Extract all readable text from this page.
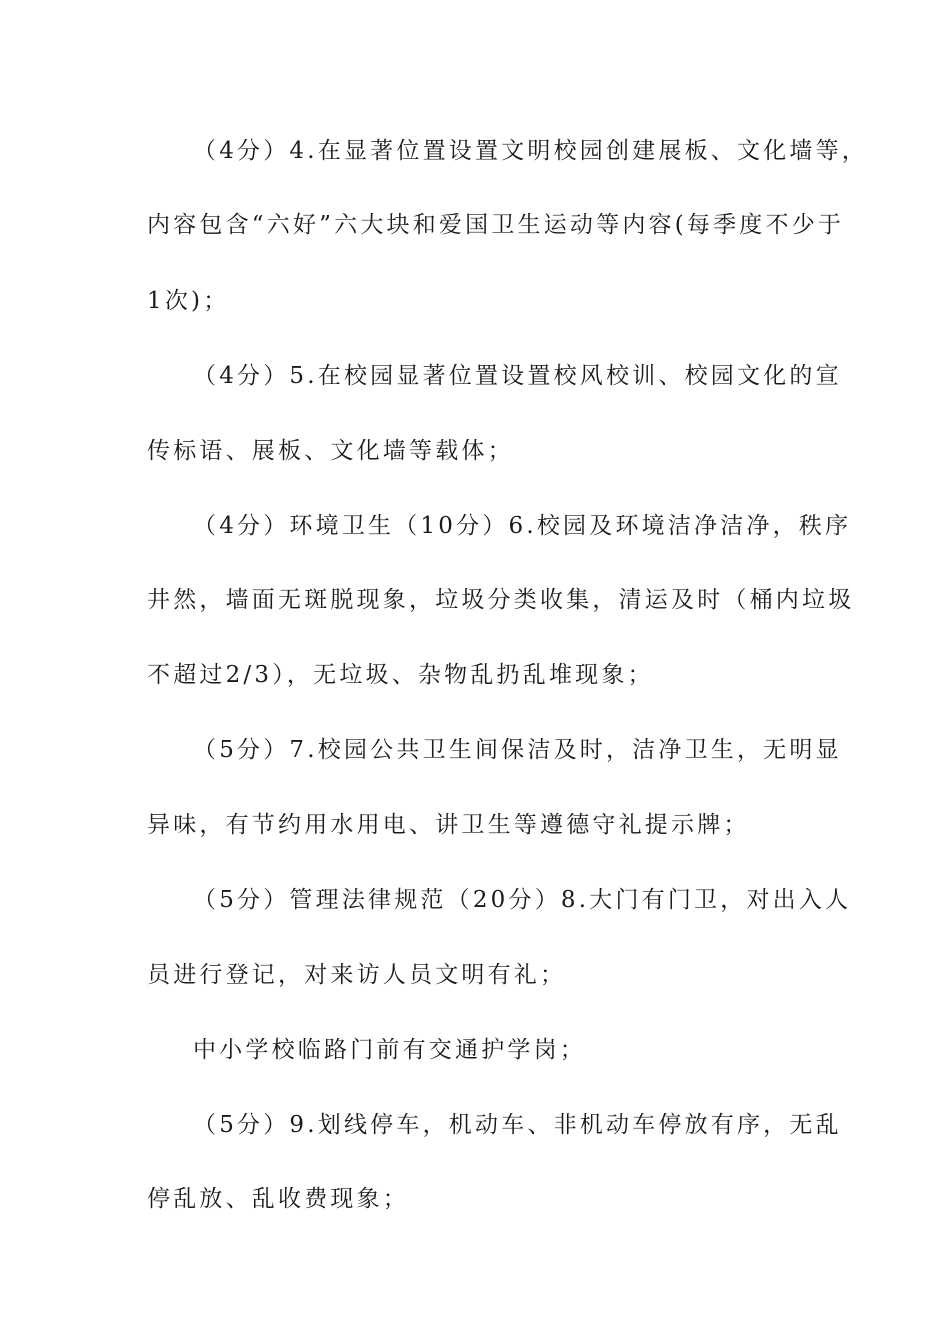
（4分）4.在显著位置设置文明校园创建展板、文化墙等，
内容包含“六好”六大块和爱国卫生运动等内容(每季度不少于
1次)；
（4分）5.在校园显著位置设置校风校训、校园文化的宣
传标语、展板、文化墙等载体；
（4分）环境卫生（10分）6.校园及环境洁净洁净，秩序
井然，墙面无斑脱现象，垃圾分类收集，清运及时（桶内垃圾
不超过2/3），无垃圾、杂物乱扔乱堆现象；
（5分）7.校园公共卫生间保洁及时，洁净卫生，无明显
异味，有节约用水用电、讲卫生等遵德守礼提示牌；
（5分）管理法律规范（20分）8.大门有门卫，对出入人
员进行登记，对来访人员文明有礼；
中小学校临路门前有交通护学岗；
（5分）9.划线停车，机动车、非机动车停放有序，无乱
停乱放、乱收费现象；
